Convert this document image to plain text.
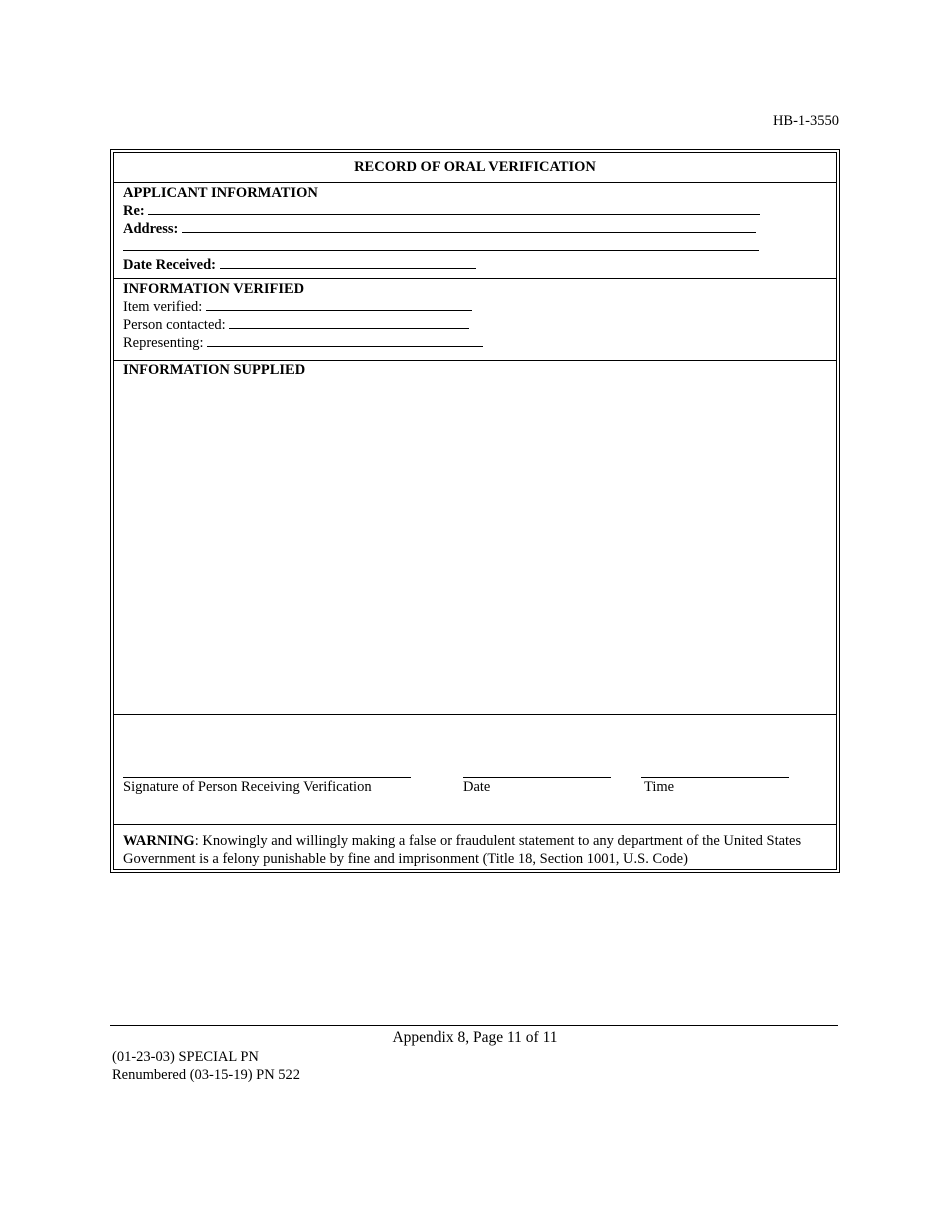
HB-1-3550
RECORD OF ORAL VERIFICATION
APPLICANT INFORMATION
Re:
Address:
Date Received:
INFORMATION VERIFIED
Item verified:
Person contacted:
Representing:
INFORMATION SUPPLIED
Signature of Person Receiving Verification	Date	Time
WARNING: Knowingly and willingly making a false or fraudulent statement to any department of the United States Government is a felony punishable by fine and imprisonment (Title 18, Section 1001, U.S. Code)
Appendix 8, Page 11 of 11
(01-23-03) SPECIAL PN
Renumbered (03-15-19) PN 522
